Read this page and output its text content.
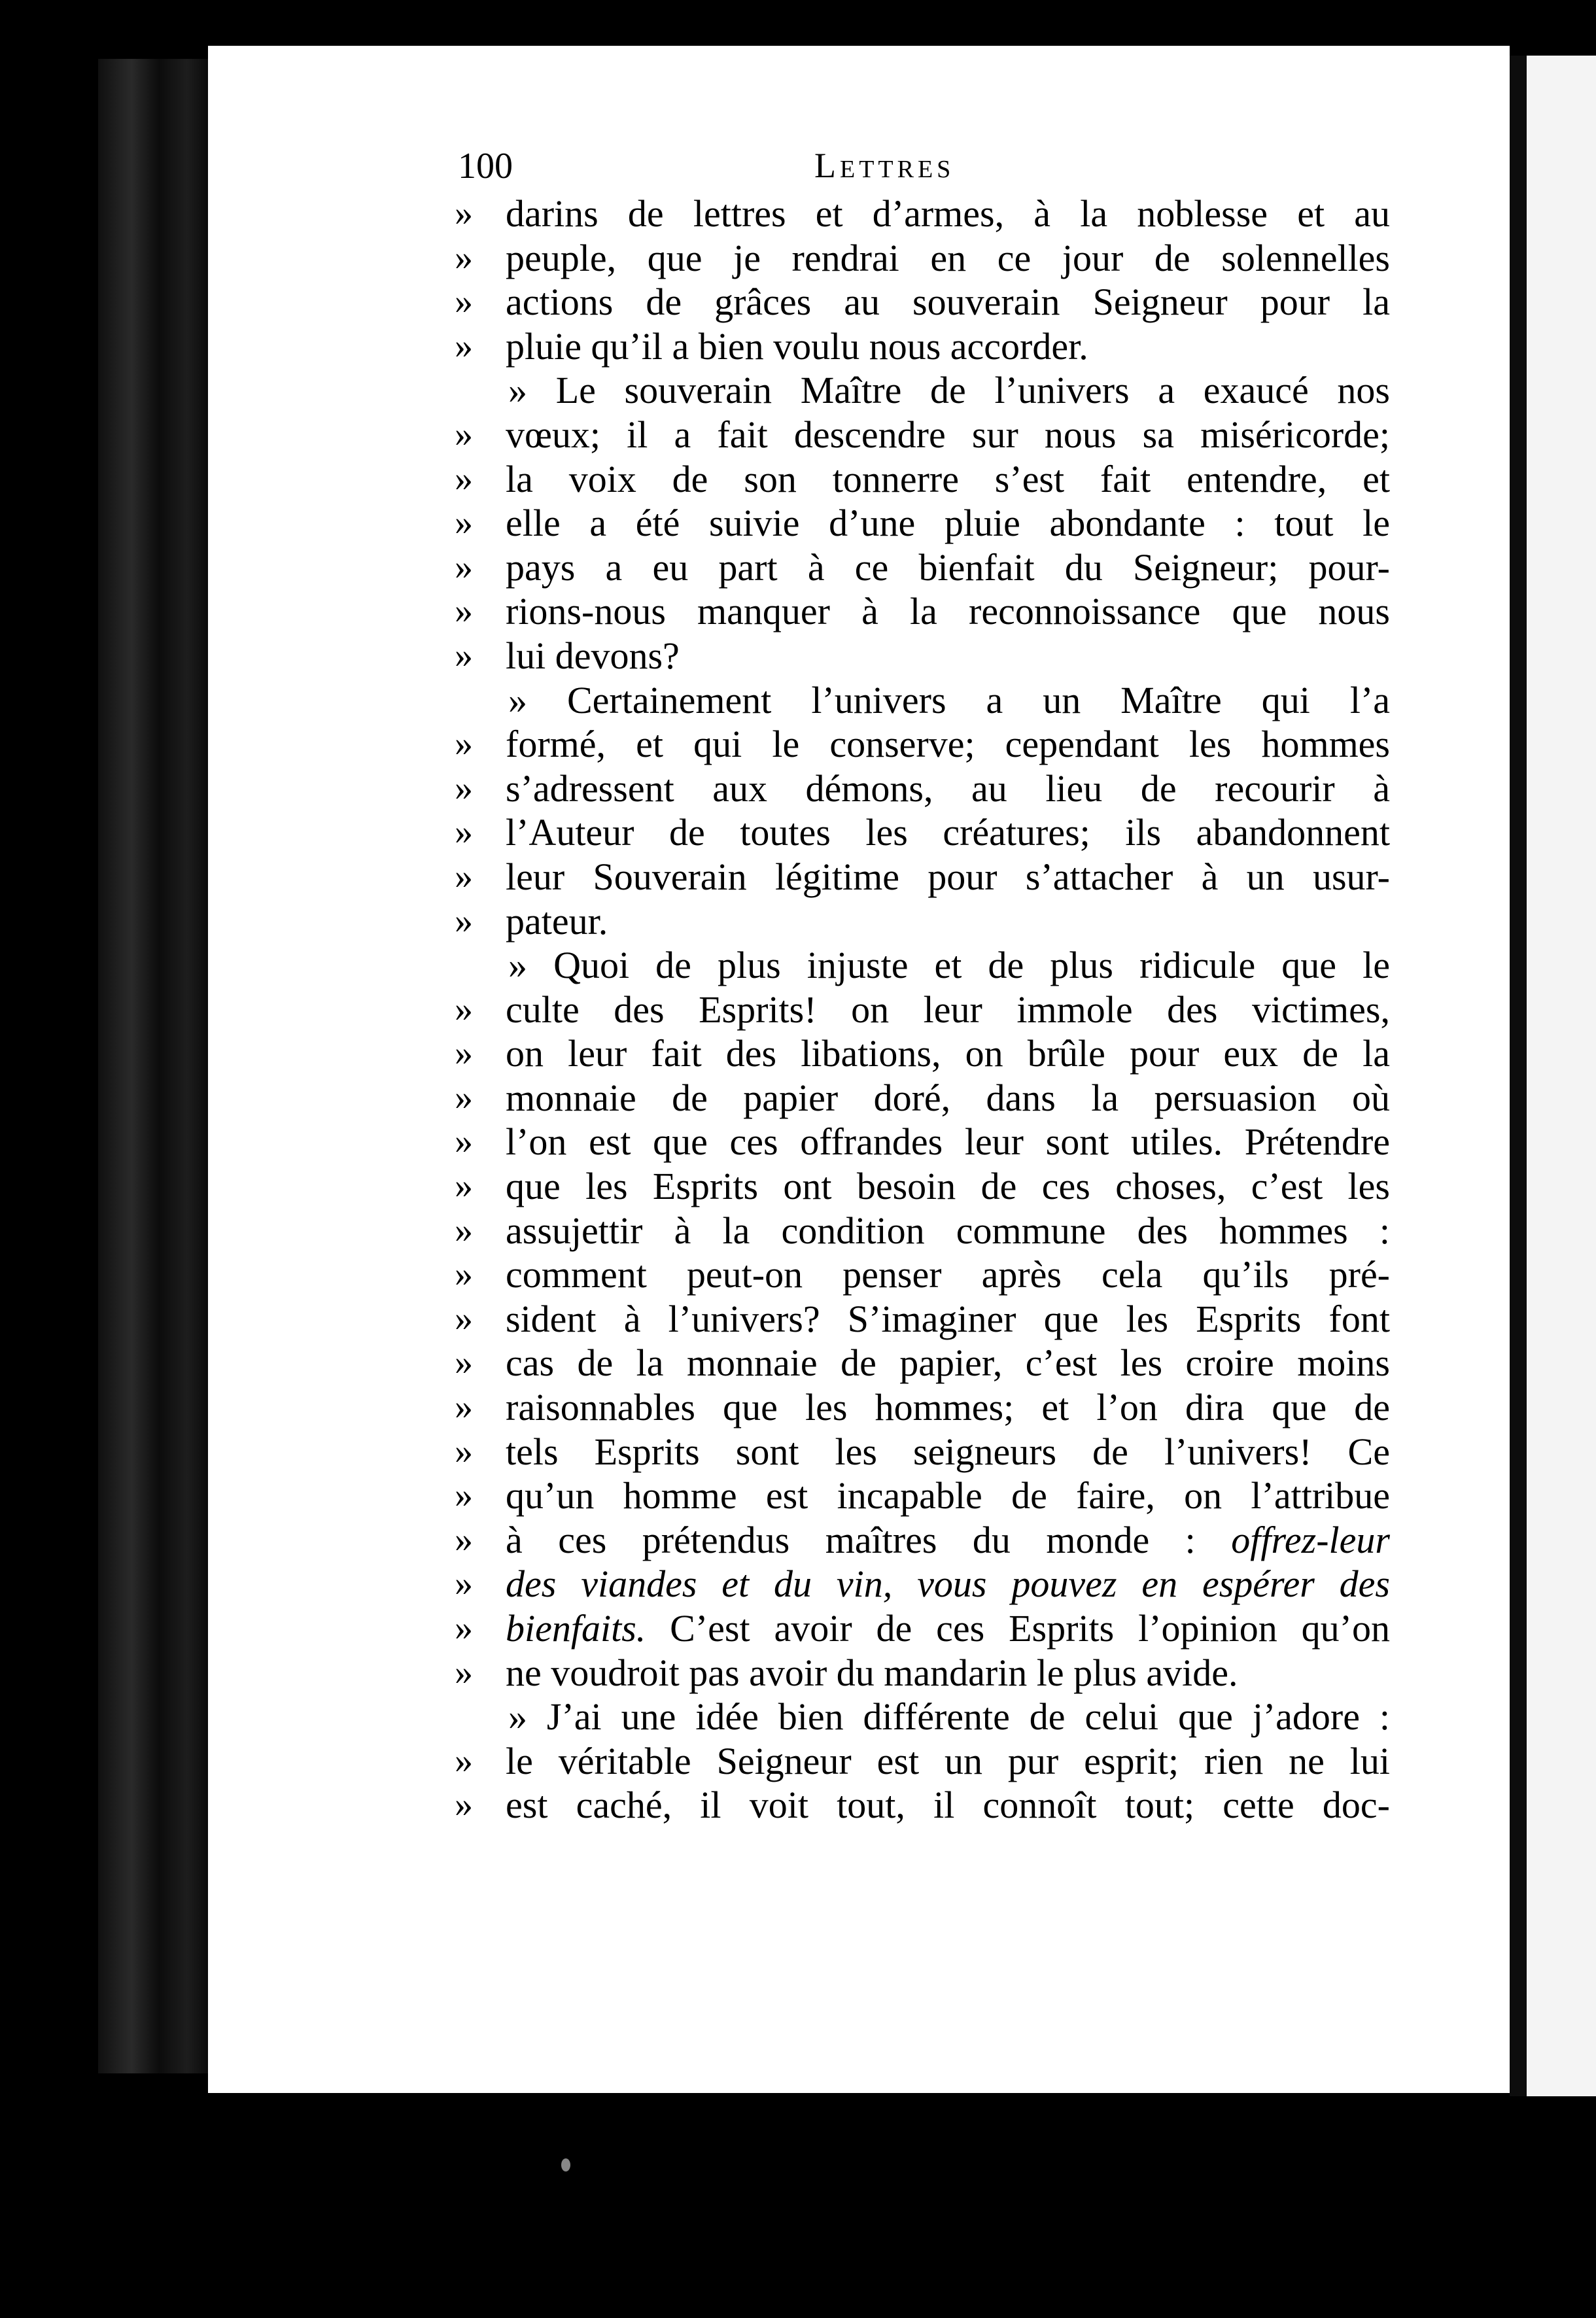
100	Lettres
» darins de lettres et d’armes, à la noblesse et au
» peuple, que je rendrai en ce jour de solennelles
» actions de grâces au souverain Seigneur pour la
» pluie qu’il a bien voulu nous accorder.
» Le souverain Maître de l’univers a exaucé nos
» vœux; il a fait descendre sur nous sa miséricorde;
» la voix de son tonnerre s’est fait entendre, et
» elle a été suivie d’une pluie abondante : tout le
» pays a eu part à ce bienfait du Seigneur; pour-
» rions-nous manquer à la reconnoissance que nous
» lui devons?
» Certainement l’univers a un Maître qui l’a
» formé, et qui le conserve; cependant les hommes
» s’adressent aux démons, au lieu de recourir à
» l’Auteur de toutes les créatures; ils abandonnent
» leur Souverain légitime pour s’attacher à un usur-
» pateur.
» Quoi de plus injuste et de plus ridicule que le
» culte des Esprits! on leur immole des victimes,
» on leur fait des libations, on brûle pour eux de la
» monnaie de papier doré, dans la persuasion où
» l’on est que ces offrandes leur sont utiles. Prétendre
» que les Esprits ont besoin de ces choses, c’est les
» assujettir à la condition commune des hommes :
» comment peut-on penser après cela qu’ils pré-
» sident à l’univers? S’imaginer que les Esprits font
» cas de la monnaie de papier, c’est les croire moins
» raisonnables que les hommes; et l’on dira que de
» tels Esprits sont les seigneurs de l’univers! Ce
» qu’un homme est incapable de faire, on l’attribue
» à ces prétendus maîtres du monde : offrez-leur
» des viandes et du vin, vous pouvez en espérer des
» bienfaits. C’est avoir de ces Esprits l’opinion qu’on
» ne voudroit pas avoir du mandarin le plus avide.
» J’ai une idée bien différente de celui que j’adore :
» le véritable Seigneur est un pur esprit; rien ne lui
» est caché, il voit tout, il connoît tout; cette doc-
